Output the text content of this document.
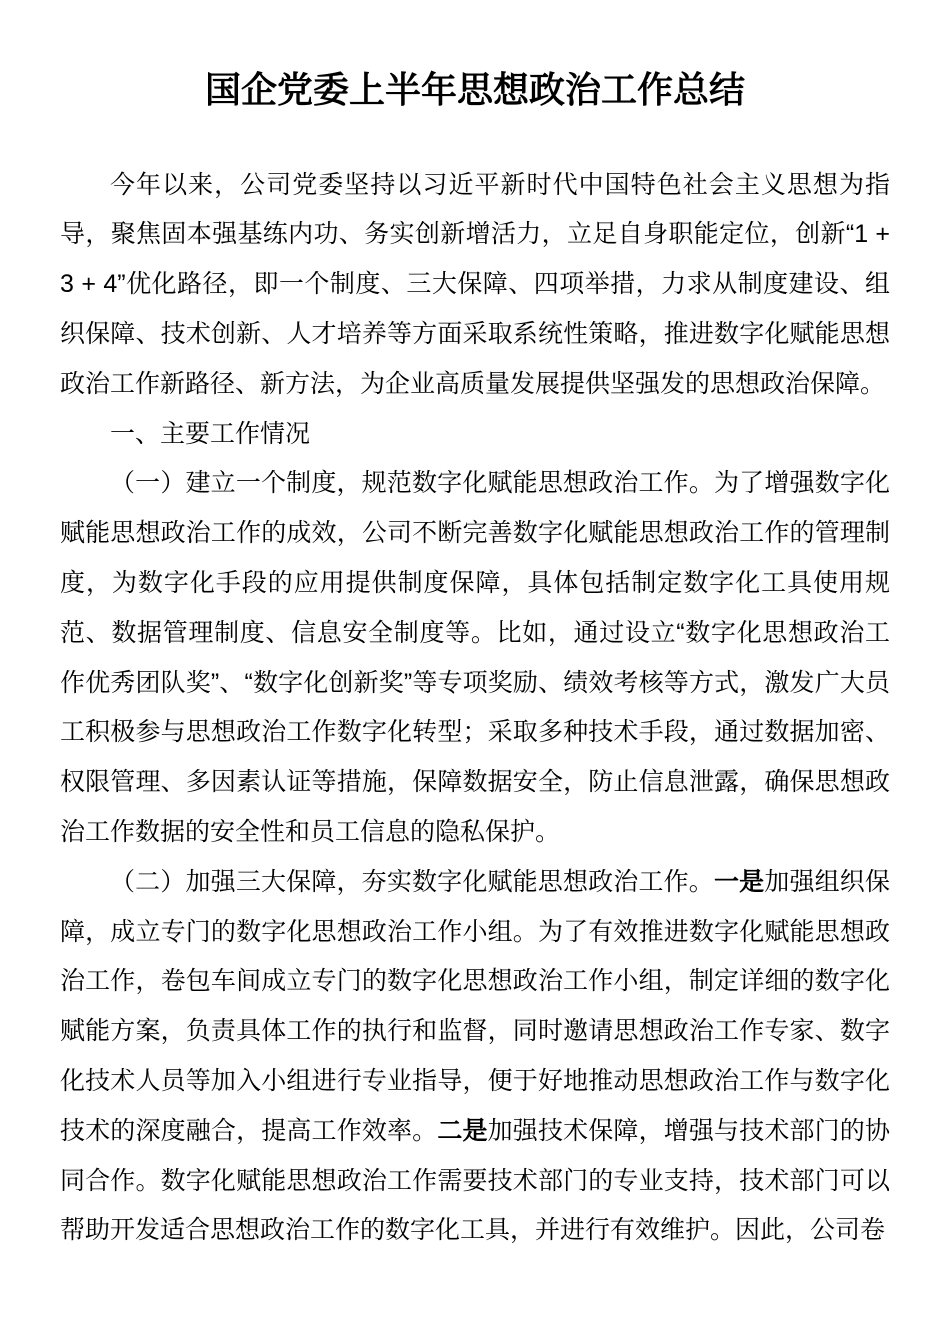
国企党委上半年思想政治工作总结

今年以来，公司党委坚持以习近平新时代中国特色社会主义思想为指导，聚焦固本强基练内功、务实创新增活力，立足自身职能定位，创新“1 + 3 + 4”优化路径，即一个制度、三大保障、四项举措，力求从制度建设、组织保障、技术创新、人才培养等方面采取系统性策略，推进数字化赋能思想政治工作新路径、新方法，为企业高质量发展提供坚强发的思想政治保障。

一、主要工作情况

（一）建立一个制度，规范数字化赋能思想政治工作。为了增强数字化赋能思想政治工作的成效，公司不断完善数字化赋能思想政治工作的管理制度，为数字化手段的应用提供制度保障，具体包括制定数字化工具使用规范、数据管理制度、信息安全制度等。比如，通过设立“数字化思想政治工作优秀团队奖”、“数字化创新奖”等专项奖励、绩效考核等方式，激发广大员工积极参与思想政治工作数字化转型；采取多种技术手段，通过数据加密、权限管理、多因素认证等措施，保障数据安全，防止信息泄露，确保思想政治工作数据的安全性和员工信息的隐私保护。

（二）加强三大保障，夯实数字化赋能思想政治工作。一是加强组织保障，成立专门的数字化思想政治工作小组。为了有效推进数字化赋能思想政治工作，卷包车间成立专门的数字化思想政治工作小组，制定详细的数字化赋能方案，负责具体工作的执行和监督，同时邀请思想政治工作专家、数字化技术人员等加入小组进行专业指导，便于好地推动思想政治工作与数字化技术的深度融合，提高工作效率。二是加强技术保障，增强与技术部门的协同合作。数字化赋能思想政治工作需要技术部门的专业支持，技术部门可以帮助开发适合思想政治工作的数字化工具，并进行有效维护。因此，公司卷
